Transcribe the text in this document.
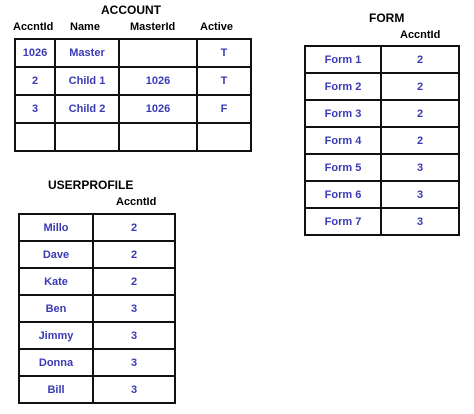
ACCOUNT
AccntId Name	MasterId Active
1026	Master		T
2	Child 1	1026	T
3	Child 2	1026	F

FORM
AccntId
Form 1	2
Form 2	2
Form 3	2
Form 4	2
Form 5	3
Form 6	3
Form 7	3
USERPROFILE
AccntId
Millo	2
Dave	2
Kate	2
Ben	3
Jimmy	3
Donna	3
Bill	3
